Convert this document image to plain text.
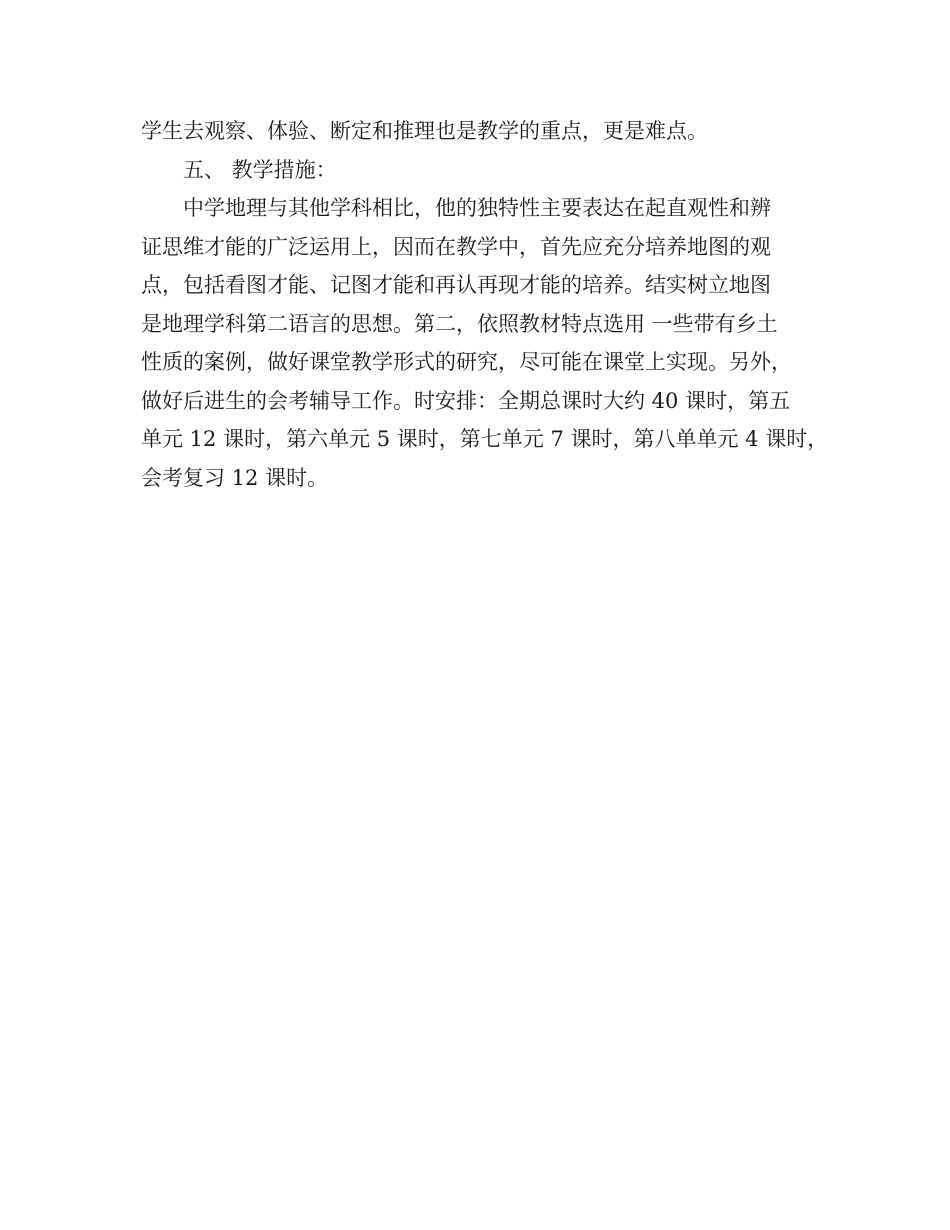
学生去观察、体验、断定和推理也是教学的重点，更是难点。
五、 教学措施：
中学地理与其他学科相比，他的独特性主要表达在起直观性和辨
证思维才能的广泛运用上，因而在教学中，首先应充分培养地图的观
点，包括看图才能、记图才能和再认再现才能的培养。结实树立地图
是地理学科第二语言的思想。第二，依照教材特点选用 一些带有乡土
性质的案例，做好课堂教学形式的研究，尽可能在课堂上实现。另外，
做好后进生的会考辅导工作。时安排：全期总课时大约 40 课时，第五
单元 12 课时，第六单元 5 课时，第七单元 7 课时，第八单单元 4 课时，
会考复习 12 课时。
